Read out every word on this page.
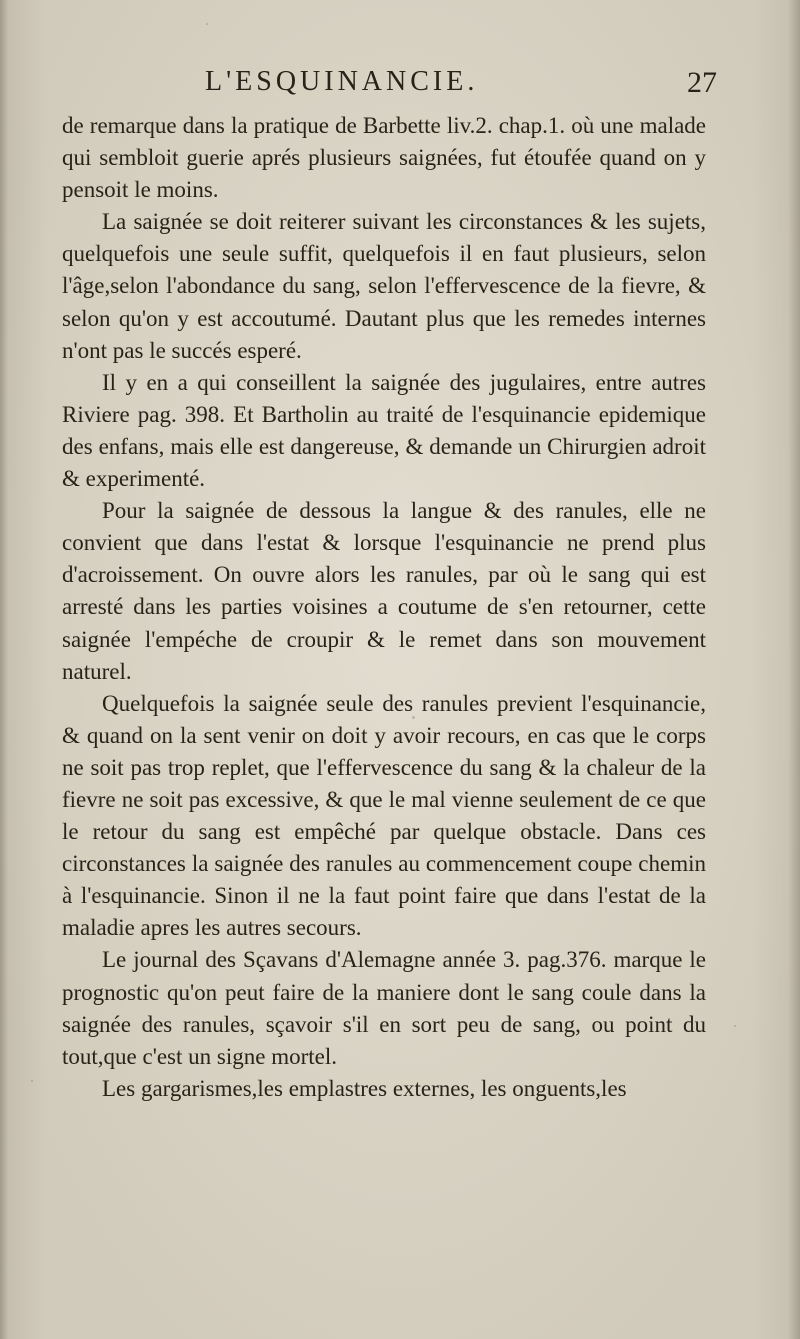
L'ESQUINANCIE.	27

de remarque dans la pratique de Barbette liv.2. chap.1. où une malade qui sembloit guerie aprés plusieurs saignées, fut étoufée quand on y pensoit le moins.

La saignée se doit reiterer suivant les circonstances & les sujets, quelquefois une seule suffit, quelquefois il en faut plusieurs, selon l'âge,selon l'abondance du sang, selon l'effervescence de la fievre, & selon qu'on y est accoutumé. Dautant plus que les remedes internes n'ont pas le succés esperé.

Il y en a qui conseillent la saignée des jugulaires, entre autres Riviere pag. 398. Et Bartholin au traité de l'esquinancie epidemique des enfans, mais elle est dangereuse, & demande un Chirurgien adroit & experimenté.

Pour la saignée de dessous la langue & des ranules, elle ne convient que dans l'estat & lorsque l'esquinancie ne prend plus d'acroissement. On ouvre alors les ranules, par où le sang qui est arresté dans les parties voisines a coutume de s'en retourner, cette saignée l'empéche de croupir & le remet dans son mouvement naturel.

Quelquefois la saignée seule des ranules previent l'esquinancie, & quand on la sent venir on doit y avoir recours, en cas que le corps ne soit pas trop replet, que l'effervescence du sang & la chaleur de la fievre ne soit pas excessive, & que le mal vienne seulement de ce que le retour du sang est empêché par quelque obstacle. Dans ces circonstances la saignée des ranules au commencement coupe chemin à l'esquinancie. Sinon il ne la faut point faire que dans l'estat de la maladie apres les autres secours.

Le journal des Sçavans d'Alemagne année 3. pag.376. marque le prognostic qu'on peut faire de la maniere dont le sang coule dans la saignée des ranules, sçavoir s'il en sort peu de sang, ou point du tout,que c'est un signe mortel.

Les gargarismes,les emplastres externes, les onguents,les
